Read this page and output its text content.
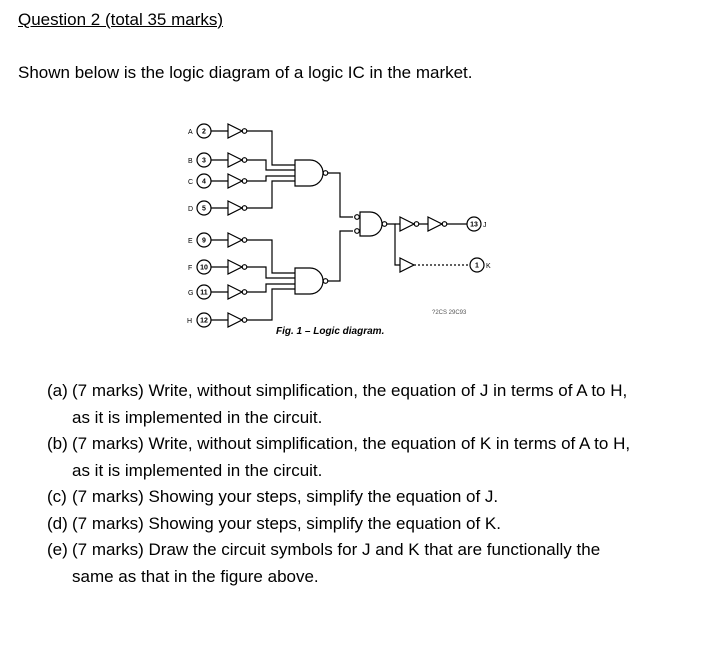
Question 2 (total 35 marks)

Shown below is the logic diagram of a logic IC in the market.

A
B
C
D
E
F
G
H
2
3
4
5
9
10
11
12
13
1
J
K
?2CS 29C93
Fig. 1 – Logic diagram.
(a) (7 marks) Write, without simplification, the equation of J in terms of A to H,
as it is implemented in the circuit.
(b) (7 marks) Write, without simplification, the equation of K in terms of A to H,
as it is implemented in the circuit.
(c) (7 marks) Showing your steps, simplify the equation of J.
(d) (7 marks) Showing your steps, simplify the equation of K.
(e) (7 marks) Draw the circuit symbols for J and K that are functionally the
same as that in the figure above.
